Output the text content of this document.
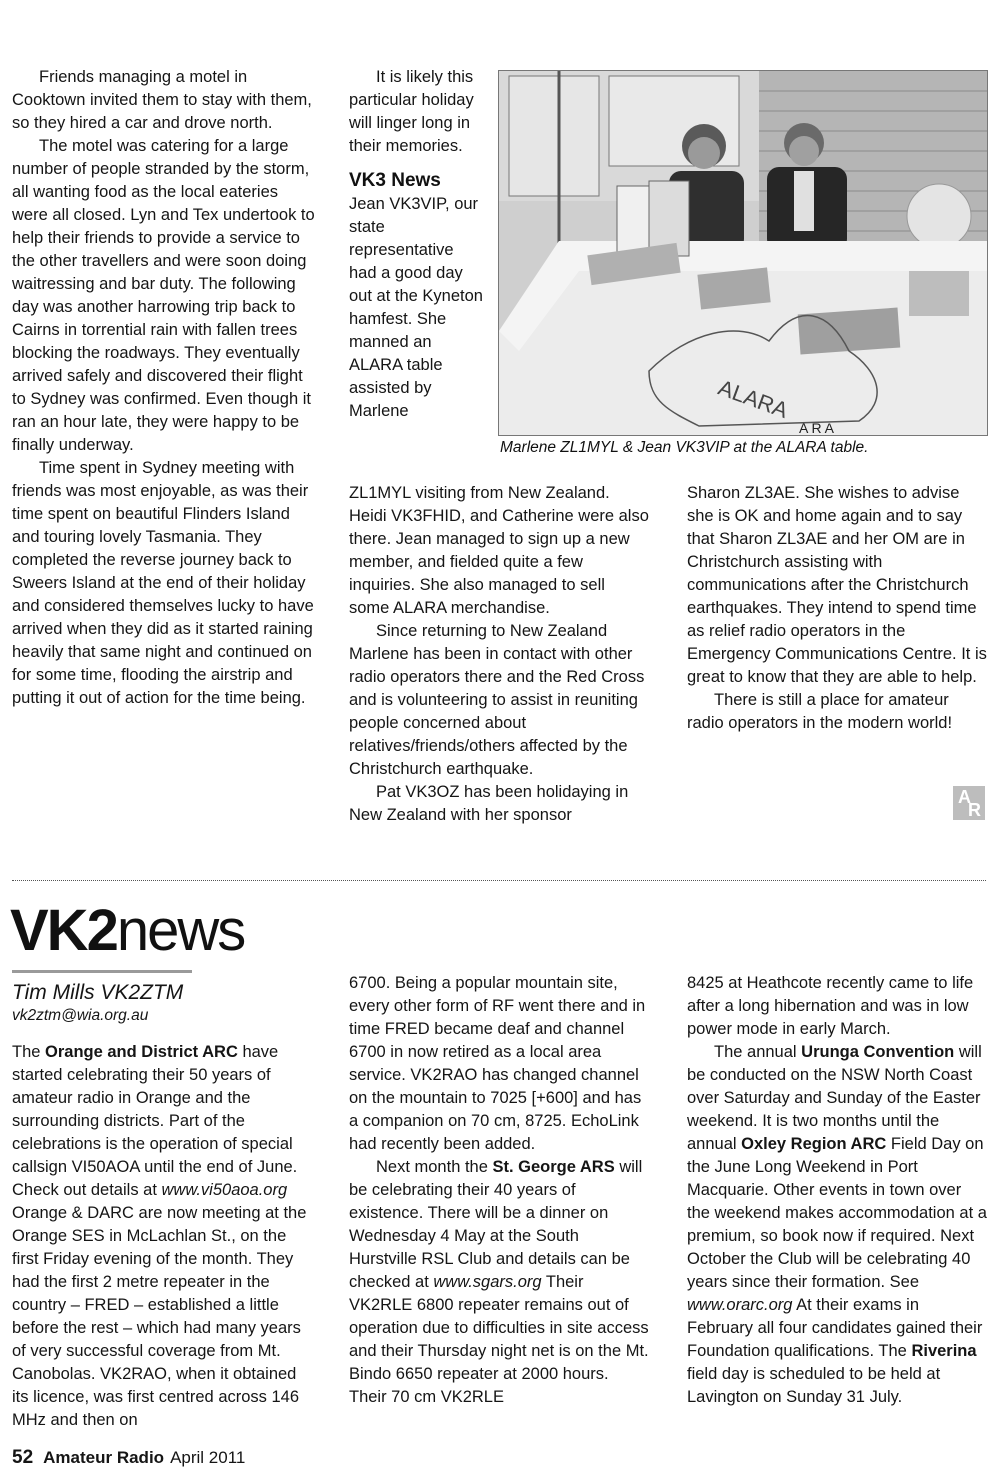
Friends managing a motel in Cooktown invited them to stay with them, so they hired a car and drove north.

The motel was catering for a large number of people stranded by the storm, all wanting food as the local eateries were all closed. Lyn and Tex undertook to help their friends to provide a service to the other travellers and were soon doing waitressing and bar duty. The following day was another harrowing trip back to Cairns in torrential rain with fallen trees blocking the roadways. They eventually arrived safely and discovered their flight to Sydney was confirmed. Even though it ran an hour late, they were happy to be finally underway.

Time spent in Sydney meeting with friends was most enjoyable, as was their time spent on beautiful Flinders Island and touring lovely Tasmania. They completed the reverse journey back to Sweers Island at the end of their holiday and considered themselves lucky to have arrived when they did as it started raining heavily that same night and continued on for some time, flooding the airstrip and putting it out of action for the time being.

It is likely this particular holiday will linger long in their memories.

VK3 News

Jean VK3VIP, our state representative had a good day out at the Kyneton hamfest. She manned an ALARA table assisted by Marlene	ALARA
A R A
Marlene ZL1MYL & Jean VK3VIP at the ALARA table.

ZL1MYL visiting from New Zealand. Heidi VK3FHID, and Catherine were also there. Jean managed to sign up a new member, and fielded quite a few inquiries. She also managed to sell some ALARA merchandise.

Since returning to New Zealand Marlene has been in contact with other radio operators there and the Red Cross and is volunteering to assist in reuniting people concerned about relatives/friends/others affected by the Christchurch earthquake.

Pat VK3OZ has been holidaying in New Zealand with her sponsor

Sharon ZL3AE. She wishes to advise she is OK and home again and to say that Sharon ZL3AE and her OM are in Christchurch assisting with communications after the Christchurch earthquakes. They intend to spend time as relief radio operators in the Emergency Communications Centre. It is great to know that they are able to help.

There is still a place for amateur radio operators in the modern world!

A
R
VK2news
Tim Mills VK2ZTM
vk2ztm@wia.org.au

The Orange and District ARC have started celebrating their 50 years of amateur radio in Orange and the surrounding districts. Part of the celebrations is the operation of special callsign VI50AOA until the end of June. Check out details at www.vi50aoa.org Orange & DARC are now meeting at the Orange SES in McLachlan St., on the first Friday evening of the month. They had the first 2 metre repeater in the country – FRED – established a little before the rest – which had many years of very successful coverage from Mt. Canobolas. VK2RAO, when it obtained its licence, was first centred across 146 MHz and then on

6700. Being a popular mountain site, every other form of RF went there and in time FRED became deaf and channel 6700 in now retired as a local area service. VK2RAO has changed channel on the mountain to 7025 [+600] and has a companion on 70 cm, 8725. EchoLink had recently been added.

Next month the St. George ARS will be celebrating their 40 years of existence. There will be a dinner on Wednesday 4 May at the South Hurstville RSL Club and details can be checked at www.sgars.org Their VK2RLE 6800 repeater remains out of operation due to difficulties in site access and their Thursday night net is on the Mt. Bindo 6650 repeater at 2000 hours. Their 70 cm VK2RLE

8425 at Heathcote recently came to life after a long hibernation and was in low power mode in early March.

The annual Urunga Convention will be conducted on the NSW North Coast over Saturday and Sunday of the Easter weekend. It is two months until the annual Oxley Region ARC Field Day on the June Long Weekend in Port Macquarie. Other events in town over the weekend makes accommodation at a premium, so book now if required. Next October the Club will be celebrating 40 years since their formation. See www.orarc.org At their exams in February all four candidates gained their Foundation qualifications. The Riverina field day is scheduled to be held at Lavington on Sunday 31 July.

52 Amateur Radio April 2011
